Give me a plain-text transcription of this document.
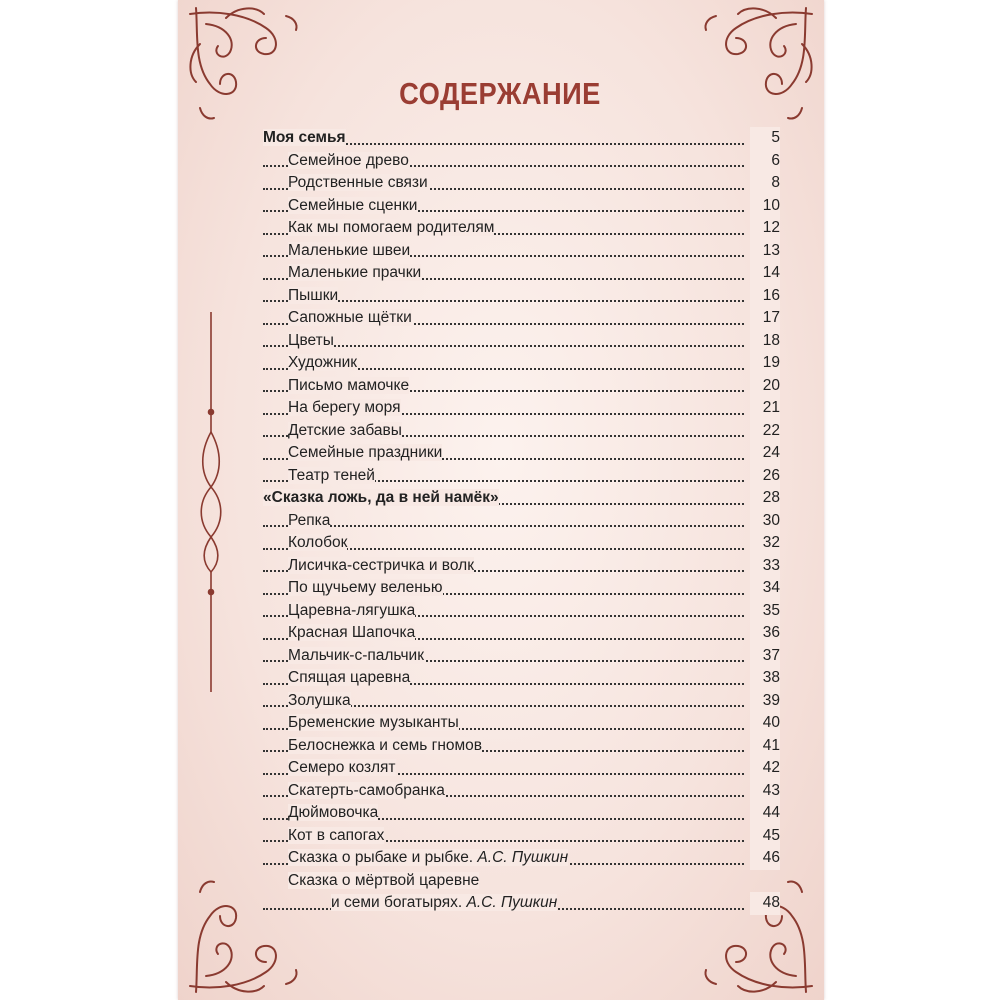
СОДЕРЖАНИЕ
Моя семья	5
Семейное древо	6
Родственные связи	8
Семейные сценки	10
Как мы помогаем родителям	12
Маленькие швеи	13
Маленькие прачки	14
Пышки	16
Сапожные щётки	17
Цветы	18
Художник	19
Письмо мамочке	20
На берегу моря	21
Детские забавы	22
Семейные праздники	24
Театр теней	26
«Сказка ложь, да в ней намёк»	28
Репка	30
Колобок	32
Лисичка-сестричка и волк	33
По щучьему веленью	34
Царевна-лягушка	35
Красная Шапочка	36
Мальчик-с-пальчик	37
Спящая царевна	38
Золушка	39
Бременские музыканты	40
Белоснежка и семь гномов	41
Семеро козлят	42
Скатерть-самобранка	43
Дюймовочка	44
Кот в сапогах	45
Сказка о рыбаке и рыбке. А.С. Пушкин	46
Сказка о мёртвой царевне
и семи богатырях. А.С. Пушкин	48
